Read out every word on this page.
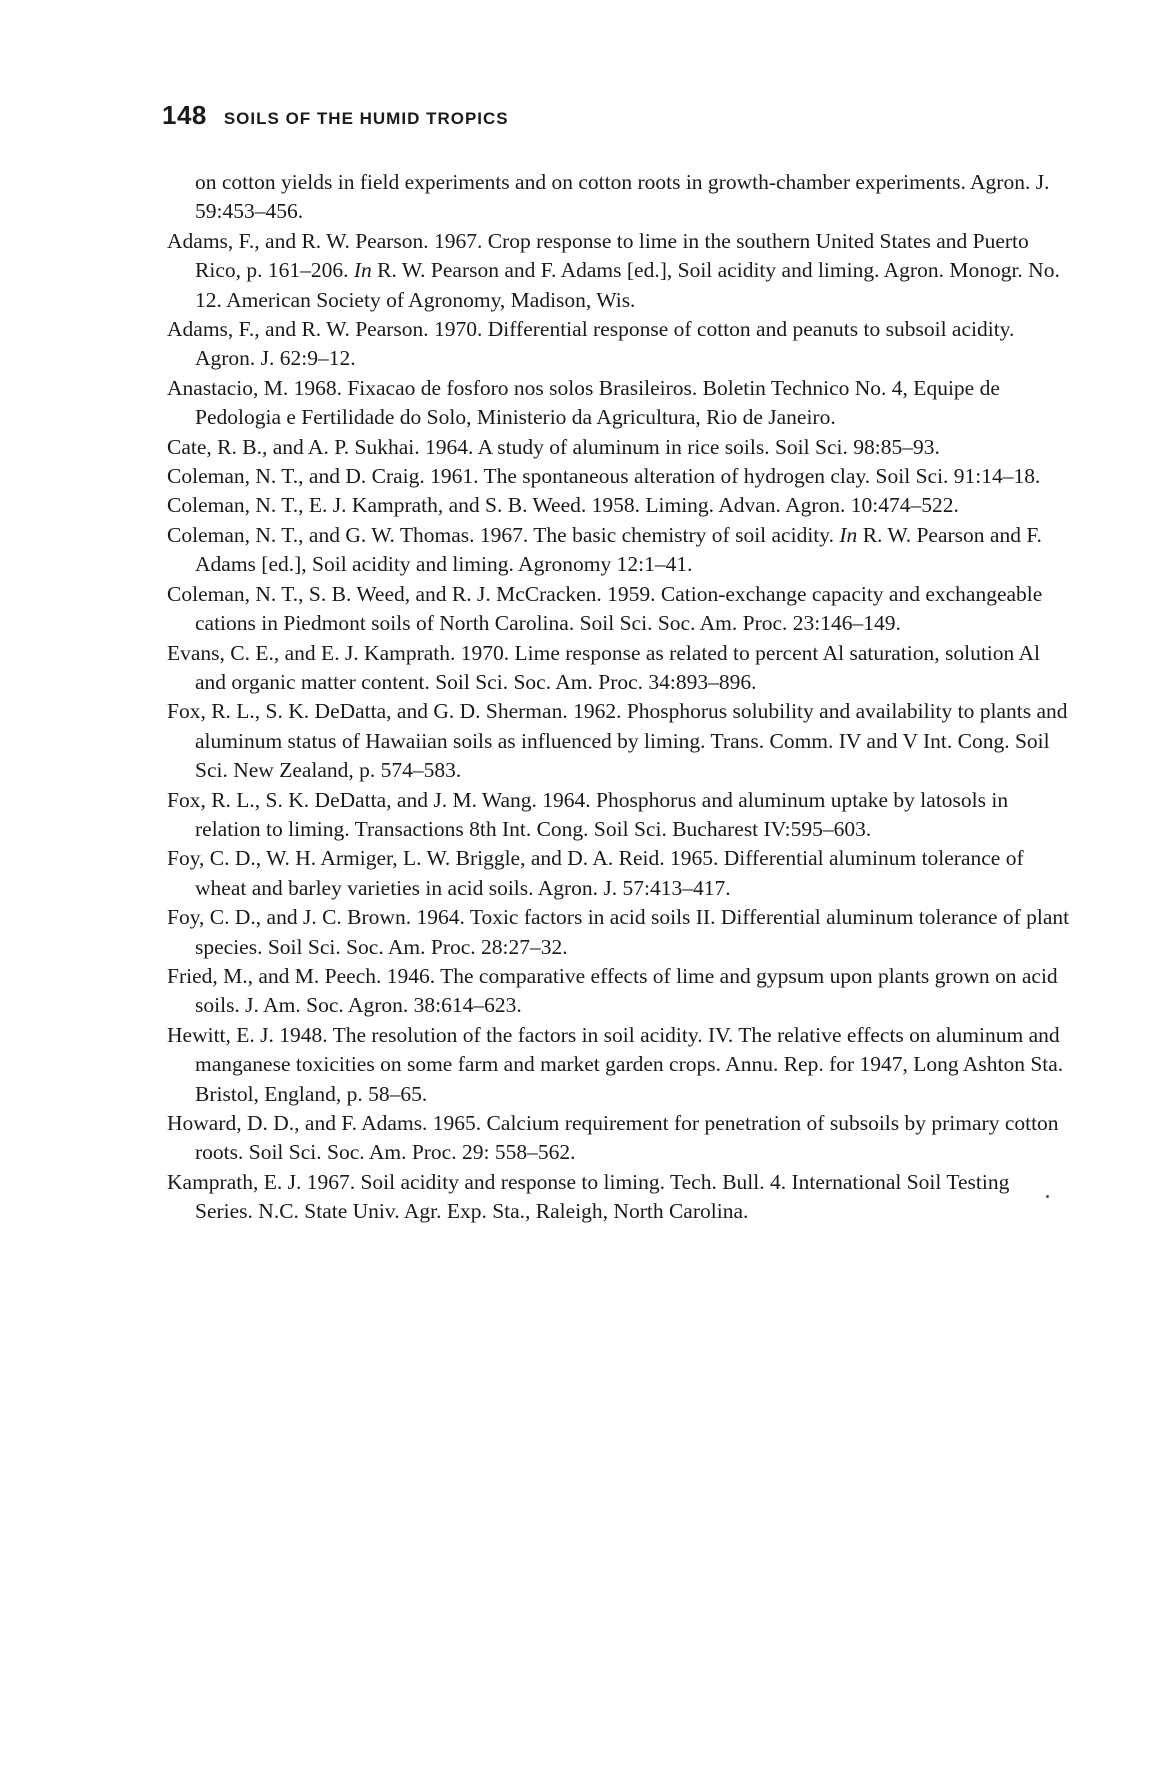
148 SOILS OF THE HUMID TROPICS
on cotton yields in field experiments and on cotton roots in growth-chamber experiments. Agron. J. 59:453–456.
Adams, F., and R. W. Pearson. 1967. Crop response to lime in the southern United States and Puerto Rico, p. 161–206. In R. W. Pearson and F. Adams [ed.], Soil acidity and liming. Agron. Monogr. No. 12. American Society of Agronomy, Madison, Wis.
Adams, F., and R. W. Pearson. 1970. Differential response of cotton and peanuts to subsoil acidity. Agron. J. 62:9–12.
Anastacio, M. 1968. Fixacao de fosforo nos solos Brasileiros. Boletin Technico No. 4, Equipe de Pedologia e Fertilidade do Solo, Ministerio da Agricultura, Rio de Janeiro.
Cate, R. B., and A. P. Sukhai. 1964. A study of aluminum in rice soils. Soil Sci. 98:85–93.
Coleman, N. T., and D. Craig. 1961. The spontaneous alteration of hydrogen clay. Soil Sci. 91:14–18.
Coleman, N. T., E. J. Kamprath, and S. B. Weed. 1958. Liming. Advan. Agron. 10:474–522.
Coleman, N. T., and G. W. Thomas. 1967. The basic chemistry of soil acidity. In R. W. Pearson and F. Adams [ed.], Soil acidity and liming. Agronomy 12:1–41.
Coleman, N. T., S. B. Weed, and R. J. McCracken. 1959. Cation-exchange capacity and exchangeable cations in Piedmont soils of North Carolina. Soil Sci. Soc. Am. Proc. 23:146–149.
Evans, C. E., and E. J. Kamprath. 1970. Lime response as related to percent Al saturation, solution Al and organic matter content. Soil Sci. Soc. Am. Proc. 34:893–896.
Fox, R. L., S. K. DeDatta, and G. D. Sherman. 1962. Phosphorus solubility and availability to plants and aluminum status of Hawaiian soils as influenced by liming. Trans. Comm. IV and V Int. Cong. Soil Sci. New Zealand, p. 574–583.
Fox, R. L., S. K. DeDatta, and J. M. Wang. 1964. Phosphorus and aluminum uptake by latosols in relation to liming. Transactions 8th Int. Cong. Soil Sci. Bucharest IV:595–603.
Foy, C. D., W. H. Armiger, L. W. Briggle, and D. A. Reid. 1965. Differential aluminum tolerance of wheat and barley varieties in acid soils. Agron. J. 57:413–417.
Foy, C. D., and J. C. Brown. 1964. Toxic factors in acid soils II. Differential aluminum tolerance of plant species. Soil Sci. Soc. Am. Proc. 28:27–32.
Fried, M., and M. Peech. 1946. The comparative effects of lime and gypsum upon plants grown on acid soils. J. Am. Soc. Agron. 38:614–623.
Hewitt, E. J. 1948. The resolution of the factors in soil acidity. IV. The relative effects on aluminum and manganese toxicities on some farm and market garden crops. Annu. Rep. for 1947, Long Ashton Sta. Bristol, England, p. 58–65.
Howard, D. D., and F. Adams. 1965. Calcium requirement for penetration of subsoils by primary cotton roots. Soil Sci. Soc. Am. Proc. 29: 558–562.
Kamprath, E. J. 1967. Soil acidity and response to liming. Tech. Bull. 4. International Soil Testing Series. N.C. State Univ. Agr. Exp. Sta., Raleigh, North Carolina.
